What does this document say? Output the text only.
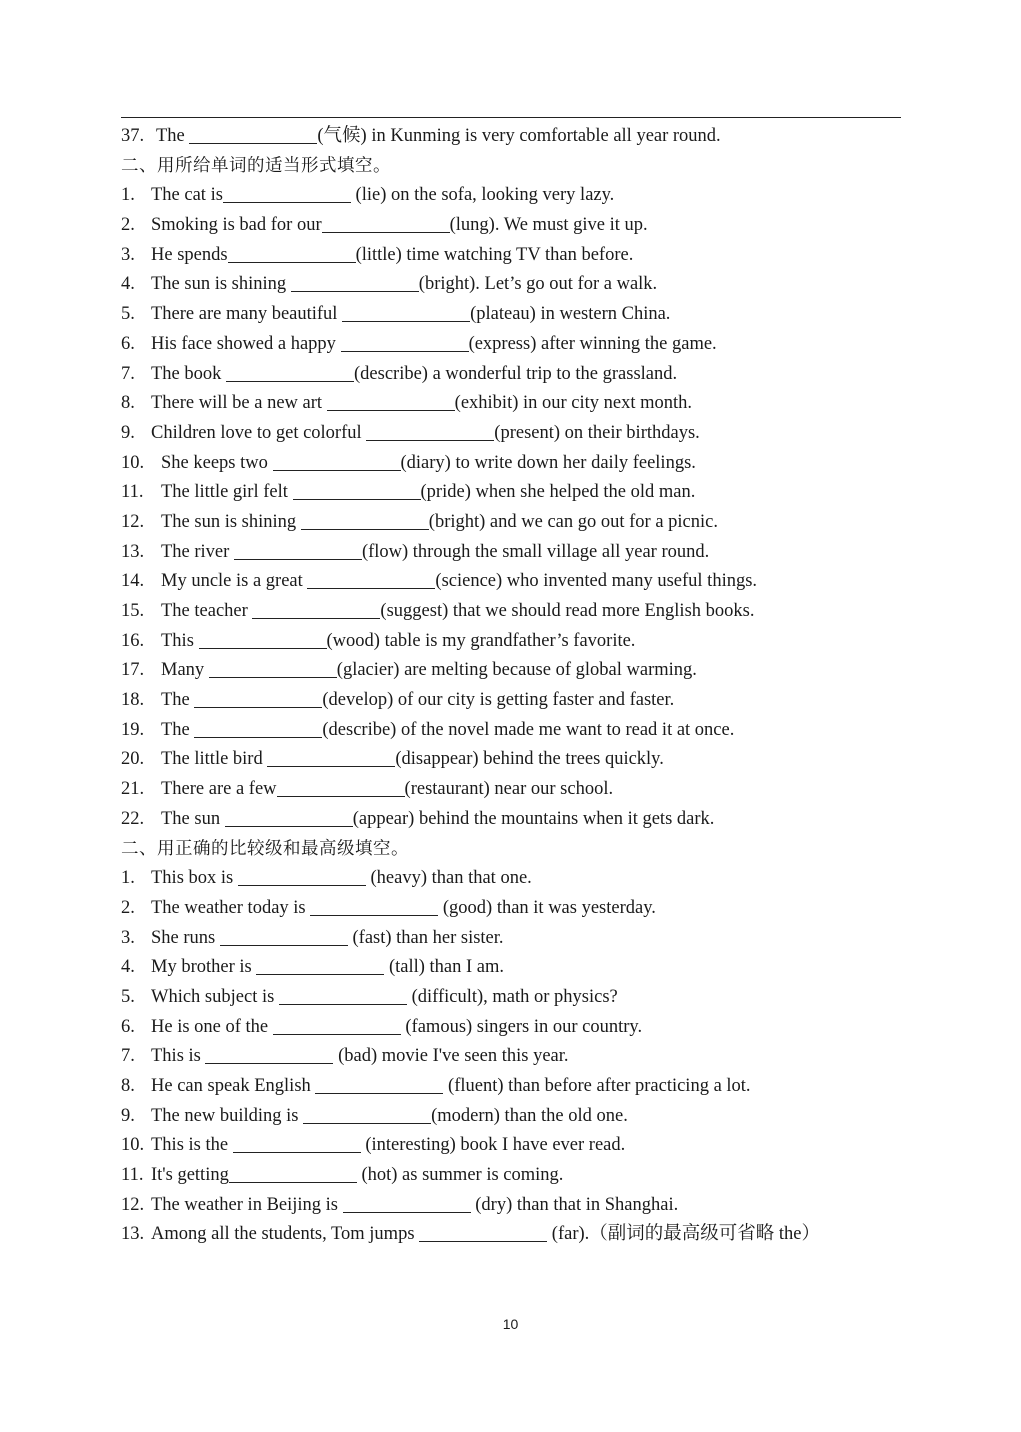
37. The	(气候) in Kunming is very comfortable all year round.
二、用所给单词的适当形式填空。
1. The cat is	(lie) on the sofa, looking very lazy.
2. Smoking is bad for our	(lung). We must give it up.
3. He spends	(little) time watching TV than before.
4. The sun is shining	(bright). Let’s go out for a walk.
5. There are many beautiful	(plateau) in western China.
6. His face showed a happy	(express) after winning the game.
7. The book	(describe) a wonderful trip to the grassland.
8. There will be a new art	(exhibit) in our city next month.
9. Children love to get colorful	(present) on their birthdays.
10. She keeps two	(diary) to write down her daily feelings.
11. The little girl felt	(pride) when she helped the old man.
12. The sun is shining	(bright) and we can go out for a picnic.
13. The river	(flow) through the small village all year round.
14. My uncle is a great	(science) who invented many useful things.
15. The teacher	(suggest) that we should read more English books.
16. This	(wood) table is my grandfather’s favorite.
17. Many	(glacier) are melting because of global warming.
18. The	(develop) of our city is getting faster and faster.
19. The	(describe) of the novel made me want to read it at once.
20. The little bird	(disappear) behind the trees quickly.
21. There are a few	(restaurant) near our school.
22. The sun	(appear) behind the mountains when it gets dark.
二、用正确的比较级和最高级填空。
1. This box is	(heavy) than that one.
2. The weather today is	(good) than it was yesterday.
3. She runs	(fast) than her sister.
4. My brother is	(tall) than I am.
5. Which subject is	(difficult), math or physics?
6. He is one of the	(famous) singers in our country.
7. This is	(bad) movie I've seen this year.
8. He can speak English	(fluent) than before after practicing a lot.
9. The new building is	(modern) than the old one.
10. This is the	(interesting) book I have ever read.
11. It's getting	(hot) as summer is coming.
12. The weather in Beijing is	(dry) than that in Shanghai.
13. Among all the students, Tom jumps	(far).（副词的最高级可省略 the）
10
